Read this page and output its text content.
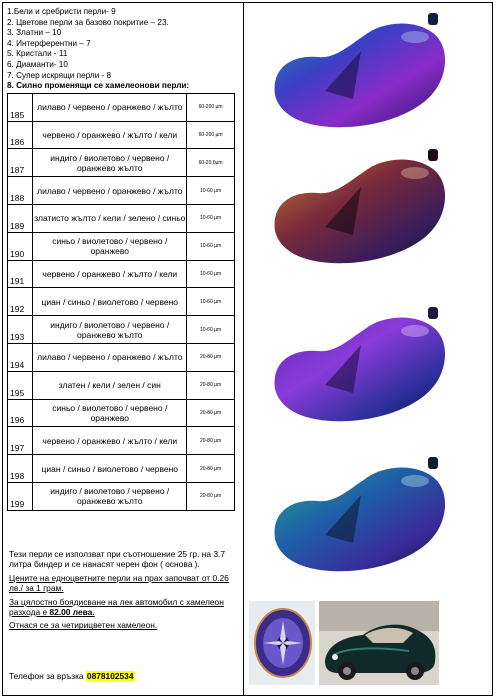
1.Бели и сребристи перли- 9
2. Цветове перли за базово покритие – 23.
3. Златни – 10
4. Интерферентни – 7
5. Кристали - 11
6. Диаманти- 10
7. Супер искрящи перли - 8
8. Силно променящи се хамелеонови перли:
185	лилаво / червено / оранжево / жълто	60-200 µm
186	червено / оранжево / жълто / кели	60-200 µm
187	индиго / виолетово / червено / оранжево жълто	60-20.0µm
188	лилаво / червено / оранжево / жълто	10-60 µm
189	златисто жълто / кели / зелено / синьо	10-60 µm
190	синьо / виолетово / червено / оранжево	10-60 µm
191	червено / оранжево / жълто / кели	10-60 µm
192	циан / синьо / виолетово / червено	10-60 µm
193	индиго / виолетово / червено / оранжево жълто	10-60 µm
194	лилаво / червено / оранжево / жълто	20-80 µm
195	златен / кели / зелен / син	20-80 µm
196	синьо / виолетово / червено / оранжево	20-80 µm
197	червено / оранжево / жълто / кели	20-80 µm
198	циан / синьо / виолетово / червено	20-80 µm
199	индиго / виолетово / червено / оранжево жълто	20-80 µm

Тези перли се използват при съотношение 25 гр. на 3.7 литра биндер и се нанасят черен фон ( основа ).

Цените на едноцветните перли на прах започват от 0.26 лв./ за 1 грам.

За цялостно боядисване на лек автомобил с хамелеон разхода е 82.00 лева.

Отнася се за четирицветен хамелеон.

Телефон за връзка 0878102534
